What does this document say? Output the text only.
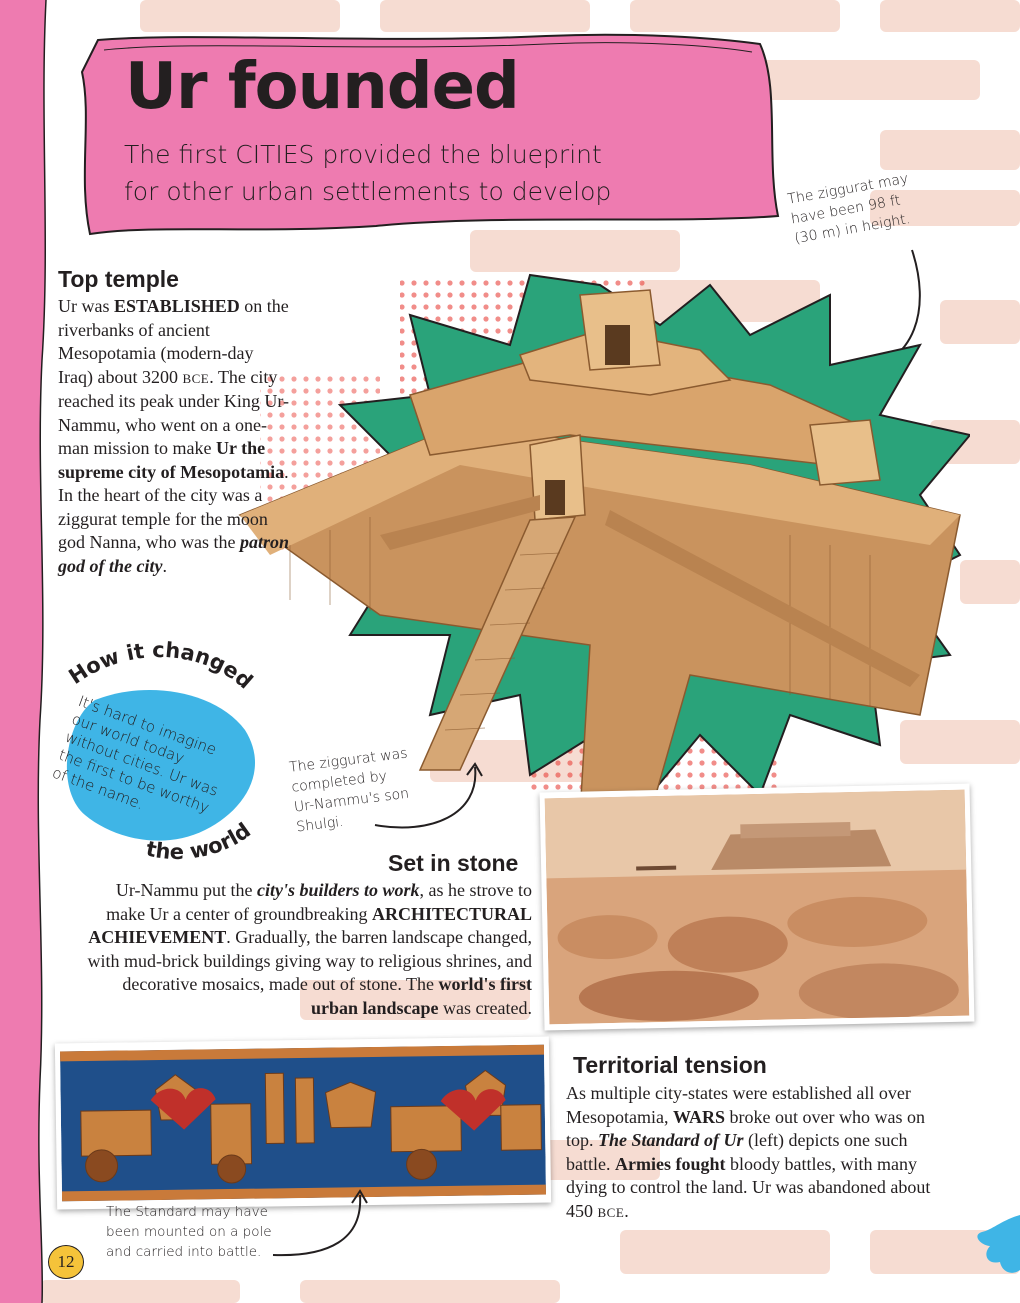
Ur founded
The first CITIES provided the blueprint
for other urban settlements to develop	The ziggurat may have been 98 ft (30 m) in height.
Top temple
Ur was ESTABLISHED on the riverbanks of ancient Mesopotamia (modern-day Iraq) about 3200 BCE. The city reached its peak under King Ur-Nammu, who went on a one-man mission to make Ur the supreme city of Mesopotamia. In the heart of the city was a ziggurat temple for the moon god Nanna, who was the patron god of the city.
How it changed
the world
It's hard to imagine our world today without cities. Ur was the first to be worthy of the name.
The ziggurat was completed by Ur-Nammu's son Shulgi.
Set in stone
Ur-Nammu put the city's builders to work, as he strove to make Ur a center of groundbreaking ARCHITECTURAL ACHIEVEMENT. Gradually, the barren landscape changed, with mud-brick buildings giving way to religious shrines, and decorative mosaics, made out of stone. The world's first urban landscape was created.
The Standard may have been mounted on a pole and carried into battle.
Territorial tension
As multiple city-states were established all over Mesopotamia, WARS broke out over who was on top. The Standard of Ur (left) depicts one such battle. Armies fought bloody battles, with many dying to control the land. Ur was abandoned about 450 BCE.
12
